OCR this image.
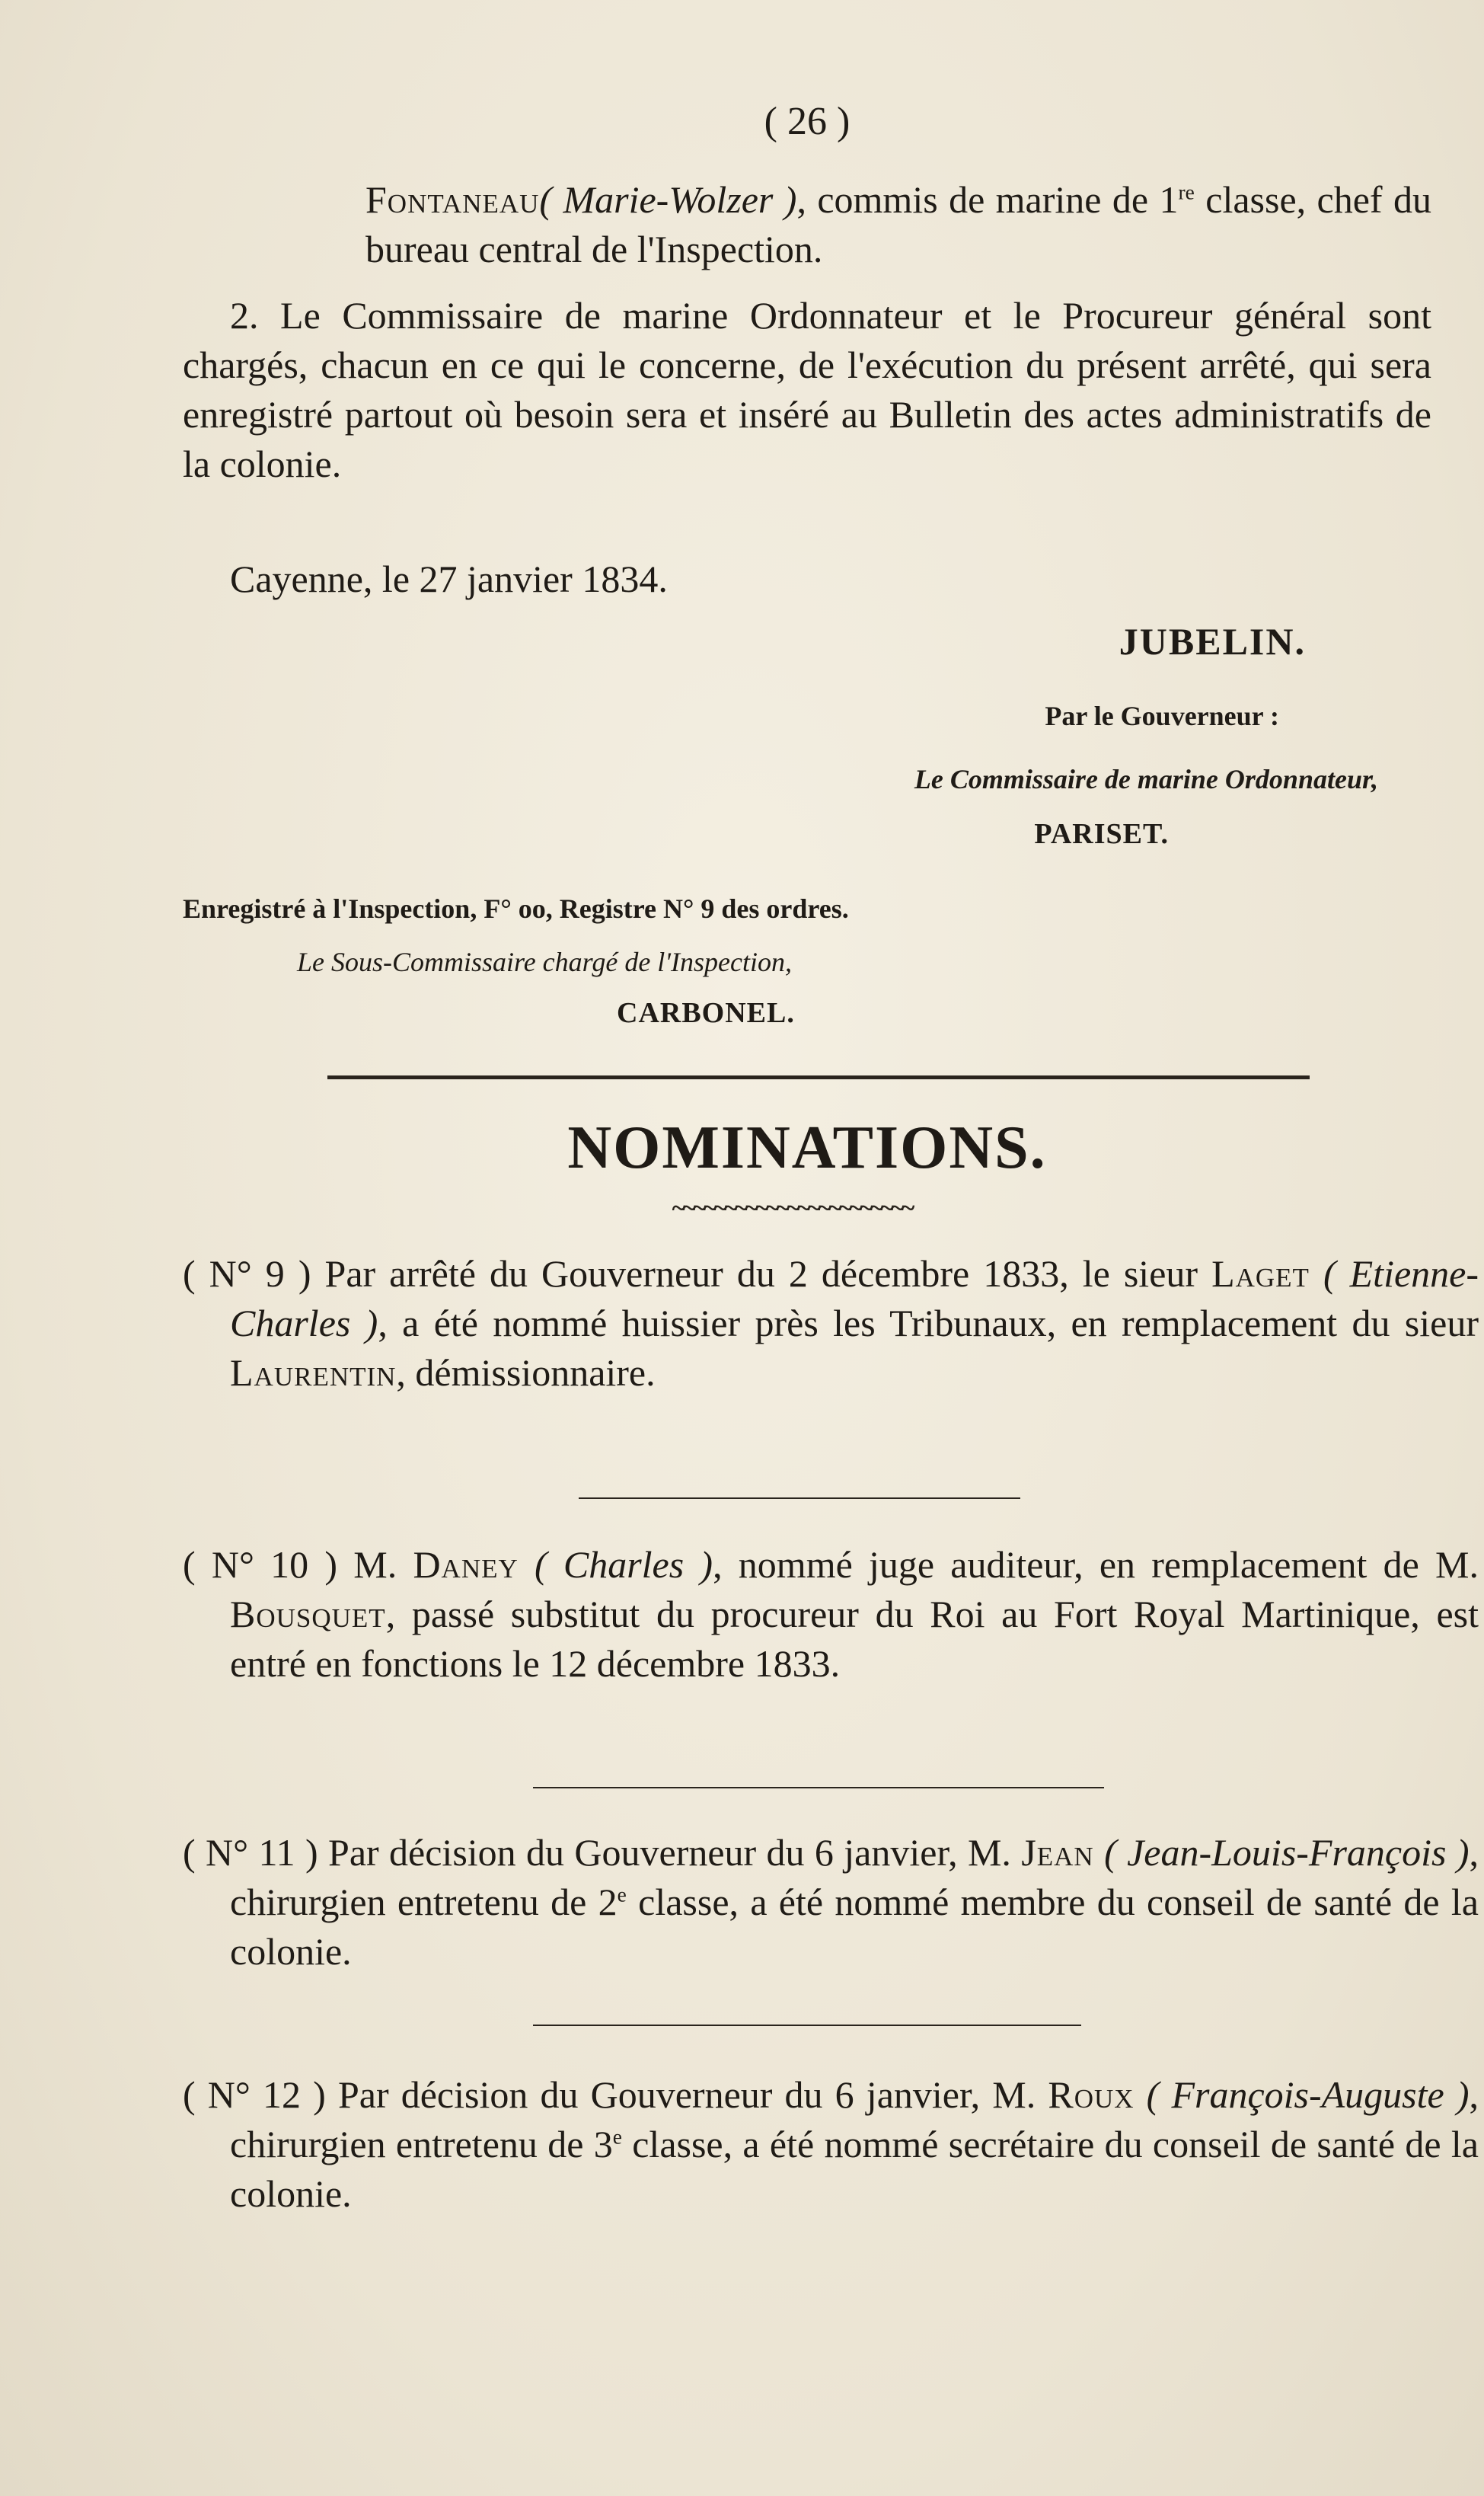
( 26 )

Fontaneau( Marie-Wolzer ), commis de marine de 1re classe, chef du bureau central de l'Inspection.

2. Le Commissaire de marine Ordonnateur et le Procureur général sont chargés, chacun en ce qui le concerne, de l'exécution du présent arrêté, qui sera enregistré partout où besoin sera et inséré au Bulletin des actes administratifs de la colonie.

Cayenne, le 27 janvier 1834.

JUBELIN.
Par le Gouverneur :
Le Commissaire de marine Ordonnateur,
PARISET.
Enregistré à l'Inspection, F° oo, Registre N° 9 des ordres.
Le Sous-Commissaire chargé de l'Inspection,
CARBONEL.
NOMINATIONS.
~~~~~~~~~~~~~~~~~~~~~~~

( N° 9 ) Par arrêté du Gouverneur du 2 décembre 1833, le sieur Laget ( Etienne-Charles ), a été nommé huissier près les Tribunaux, en remplacement du sieur Laurentin, démissionnaire.

( N° 10 ) M. Daney ( Charles ), nommé juge auditeur, en remplacement de M. Bousquet, passé substitut du procureur du Roi au Fort Royal Martinique, est entré en fonctions le 12 décembre 1833.

( N° 11 ) Par décision du Gouverneur du 6 janvier, M. Jean ( Jean-Louis-François ), chirurgien entretenu de 2e classe, a été nommé membre du conseil de santé de la colonie.

( N° 12 ) Par décision du Gouverneur du 6 janvier, M. Roux ( François-Auguste ), chirurgien entretenu de 3e classe, a été nommé secrétaire du conseil de santé de la colonie.
